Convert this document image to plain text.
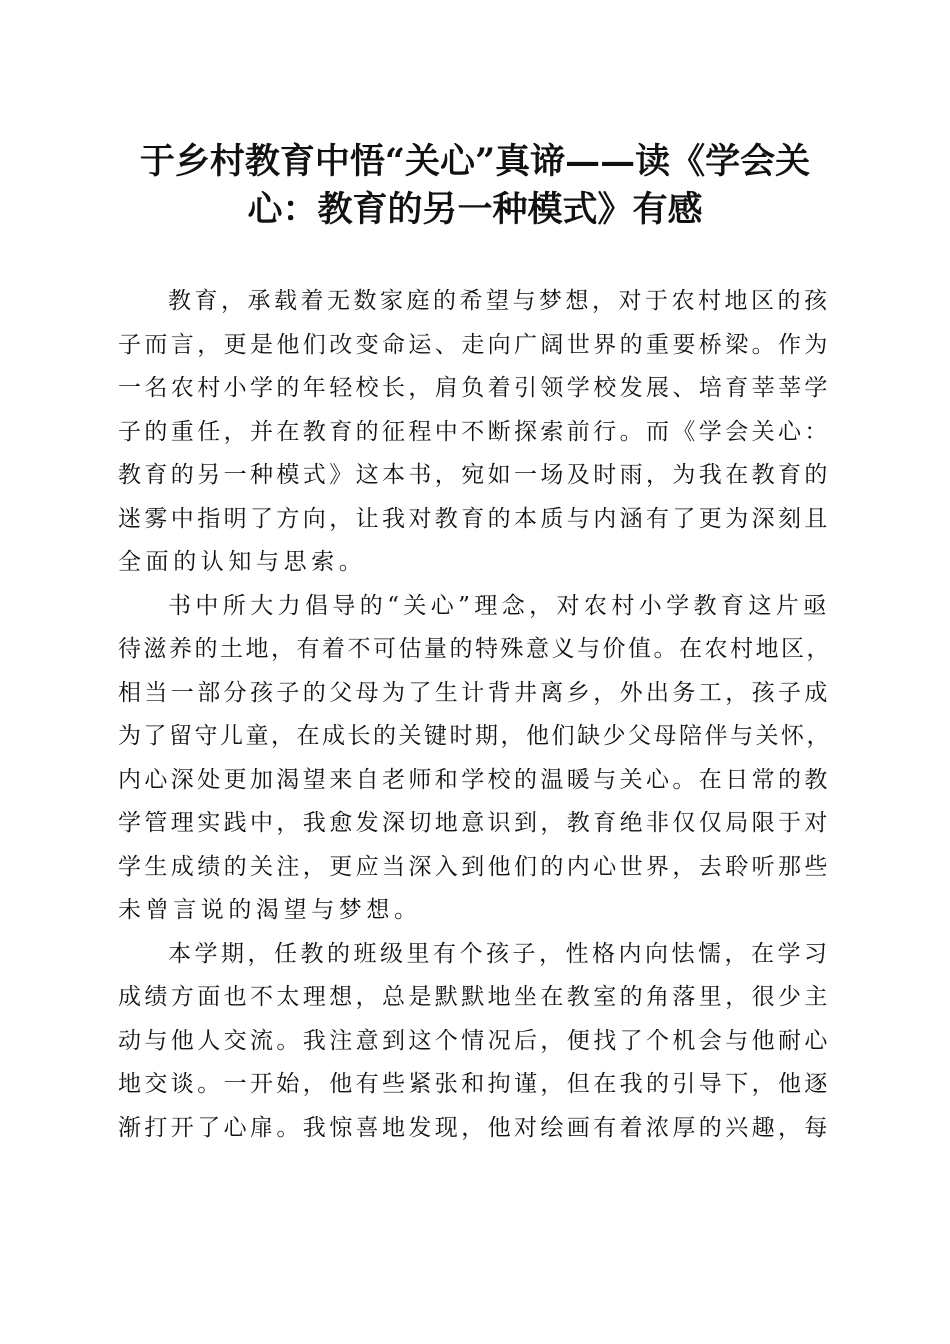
于乡村教育中悟“关心”真谛——读《学会关
心：教育的另一种模式》有感

教育，承载着无数家庭的希望与梦想，对于农村地区的孩
子而言，更是他们改变命运、走向广阔世界的重要桥梁。作为
一名农村小学的年轻校长，肩负着引领学校发展、培育莘莘学
子的重任，并在教育的征程中不断探索前行。而《学会关心：
教育的另一种模式》这本书，宛如一场及时雨，为我在教育的
迷雾中指明了方向，让我对教育的本质与内涵有了更为深刻且
全面的认知与思索。

书中所大力倡导的“关心”理念，对农村小学教育这片亟
待滋养的土地，有着不可估量的特殊意义与价值。在农村地区，
相当一部分孩子的父母为了生计背井离乡，外出务工，孩子成
为了留守儿童，在成长的关键时期，他们缺少父母陪伴与关怀，
内心深处更加渴望来自老师和学校的温暖与关心。在日常的教
学管理实践中，我愈发深切地意识到，教育绝非仅仅局限于对
学生成绩的关注，更应当深入到他们的内心世界，去聆听那些
未曾言说的渴望与梦想。

本学期，任教的班级里有个孩子，性格内向怯懦，在学习
成绩方面也不太理想，总是默默地坐在教室的角落里，很少主
动与他人交流。我注意到这个情况后，便找了个机会与他耐心
地交谈。一开始，他有些紧张和拘谨，但在我的引导下，他逐
渐打开了心扉。我惊喜地发现，他对绘画有着浓厚的兴趣，每
